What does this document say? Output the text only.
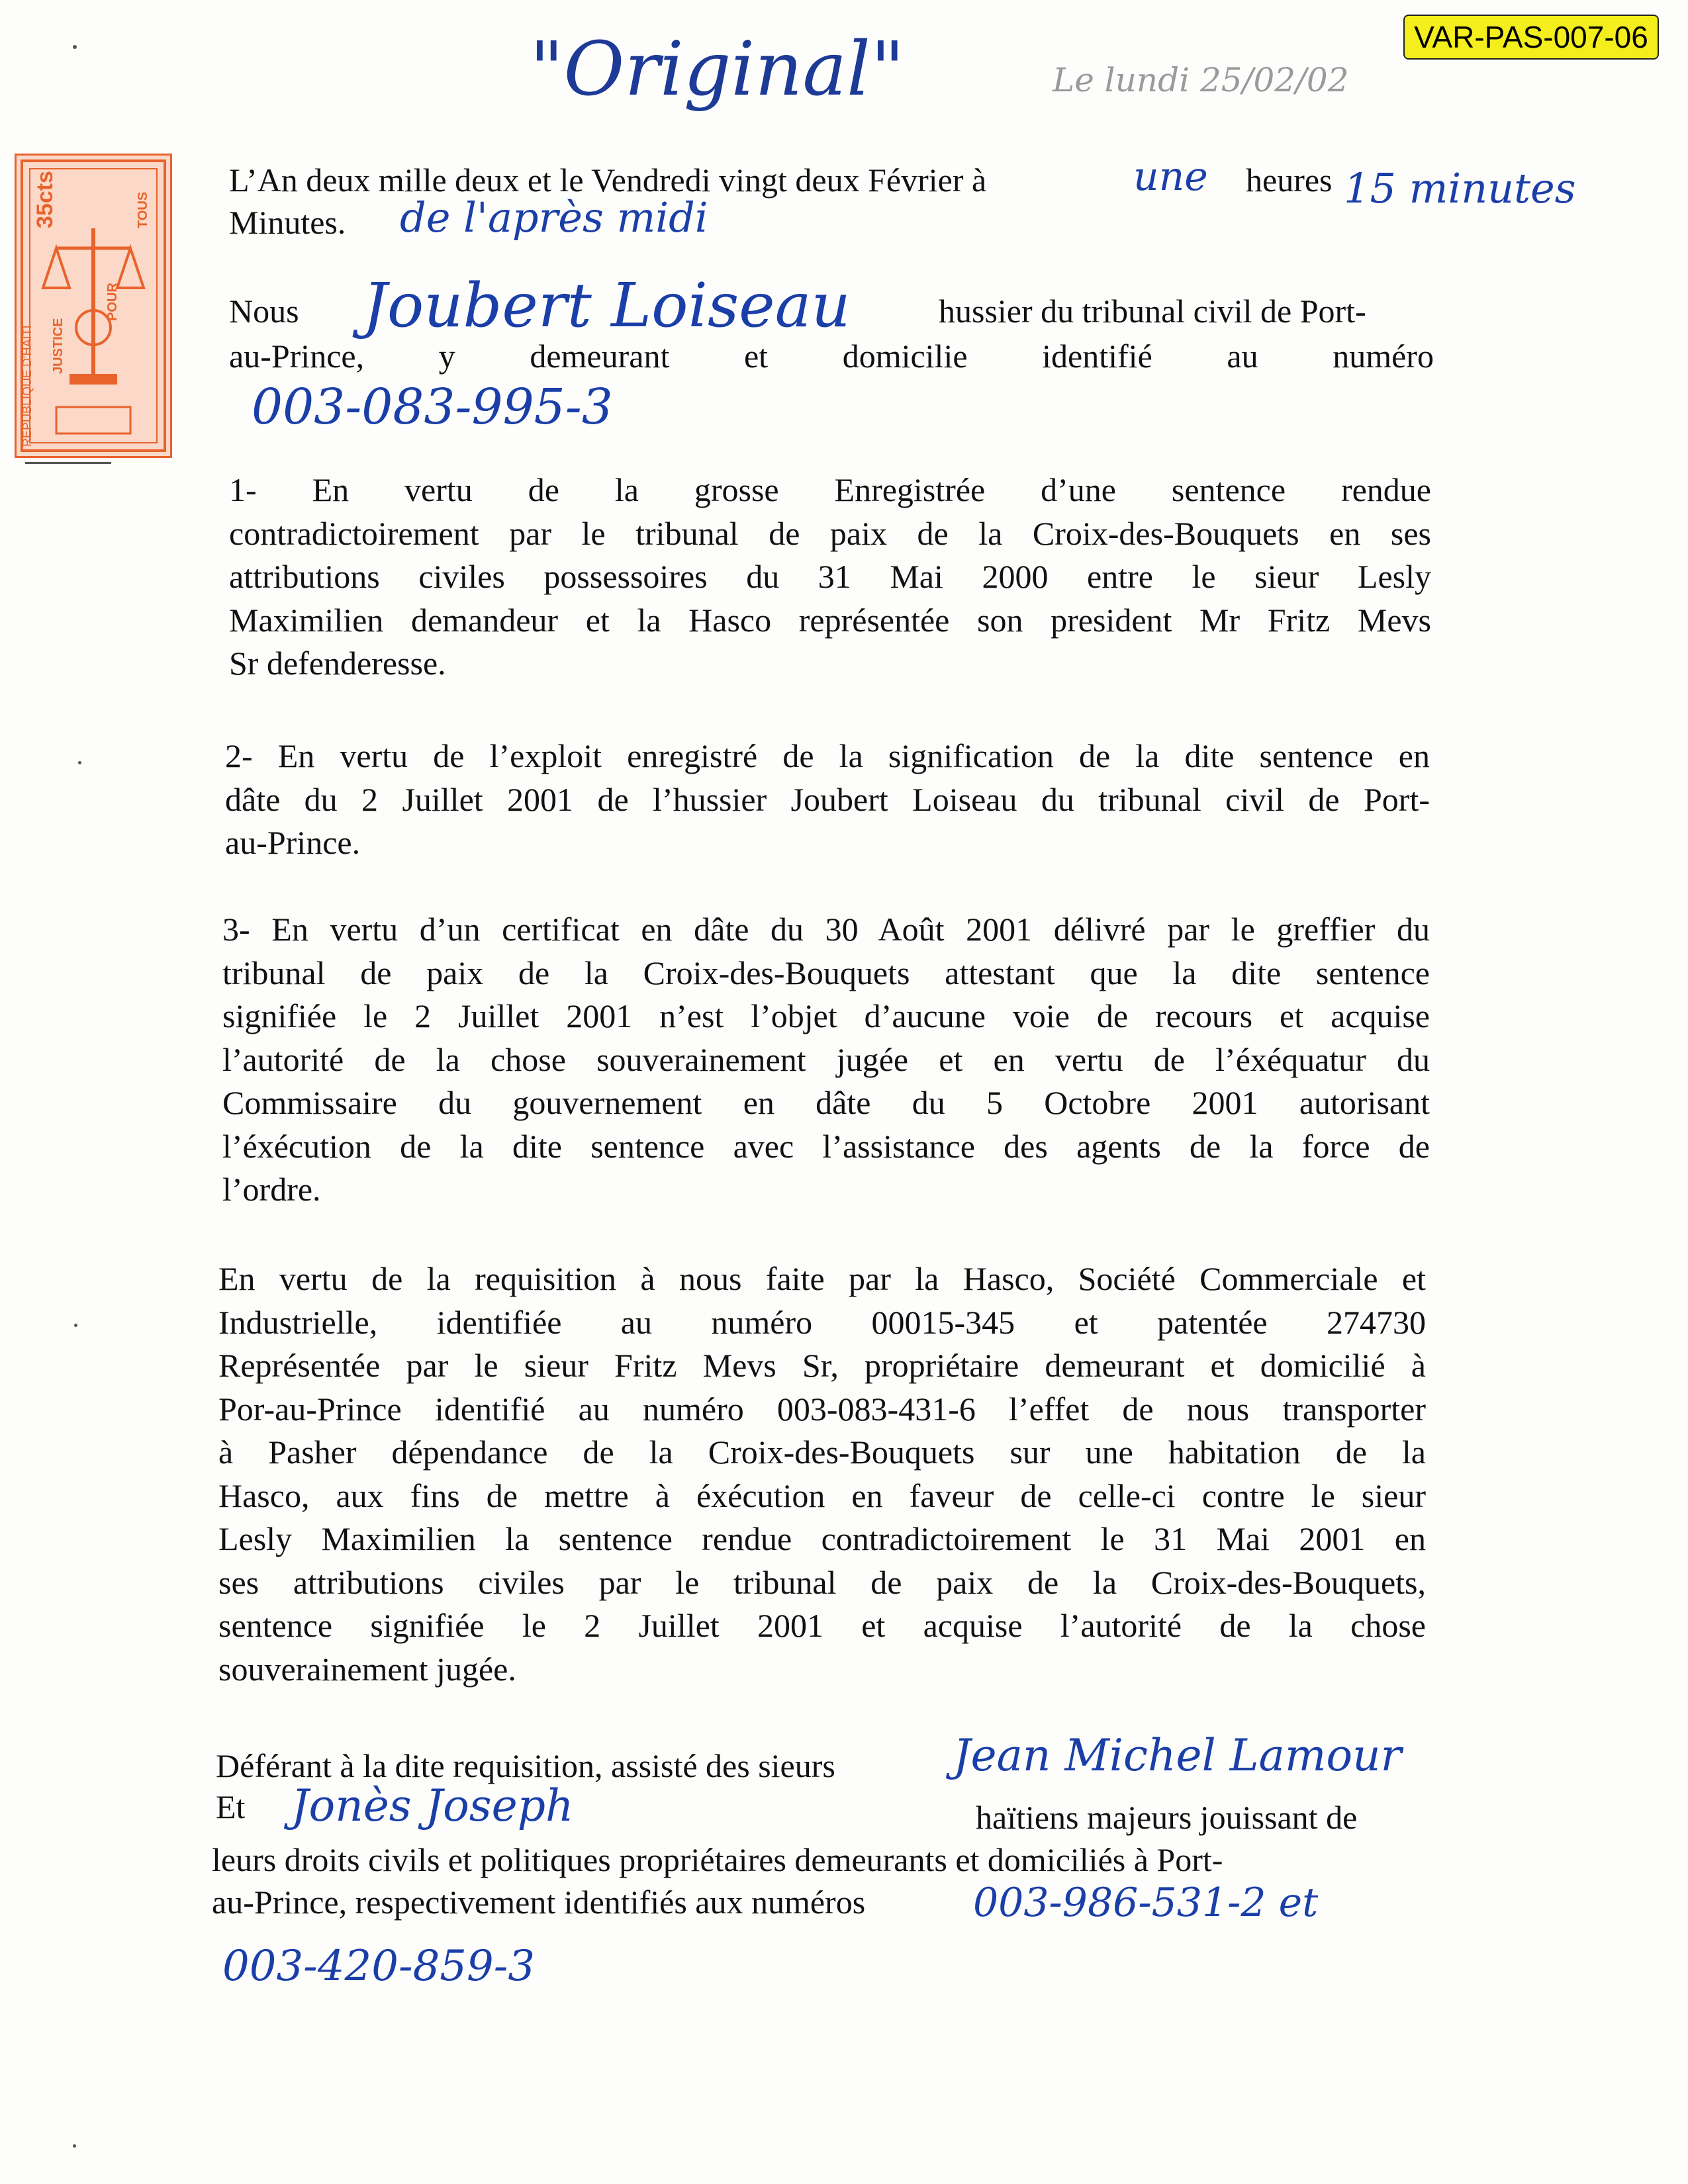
VAR-PAS-007-06
"Original"	Le lundi 25/02/02
35cts
RÉPUBLIQUE D'HAITI JUSTICE
POUR
TOUS
L’An deux mille deux et le Vendredi vingt deux Février à	une heures 15 minutes
Minutes. de l'après midi
Nous Joubert Loiseau	hussier du tribunal civil de Port-
au-Prince, y demeurant et domicilie identifié au numéro
003-083-995-3
1- En vertu de la grosse Enregistrée d’une sentence rendue
contradictoirement par le tribunal de paix de la Croix-des-Bouquets en ses
attributions civiles possessoires du 31 Mai 2000 entre le sieur Lesly
Maximilien demandeur et la Hasco représentée son president Mr Fritz Mevs
Sr defenderesse.
2- En vertu de l’exploit enregistré de la signification de la dite sentence en
dâte du 2 Juillet 2001 de l’hussier Joubert Loiseau du tribunal civil de Port-
au-Prince.
3- En vertu d’un certificat en dâte du 30 Août 2001 délivré par le greffier du
tribunal de paix de la Croix-des-Bouquets attestant que la dite sentence
signifiée le 2 Juillet 2001 n’est l’objet d’aucune voie de recours et acquise
l’autorité de la chose souverainement jugée et en vertu de l’éxéquatur du
Commissaire du gouvernement en dâte du 5 Octobre 2001 autorisant
l’éxécution de la dite sentence avec l’assistance des agents de la force de
l’ordre.
En vertu de la requisition à nous faite par la Hasco, Société Commerciale et
Industrielle, identifiée au numéro 00015-345 et patentée 274730
Représentée par le sieur Fritz Mevs Sr, propriétaire demeurant et domicilié à
Por-au-Prince identifié au numéro 003-083-431-6 l’effet de nous transporter
à Pasher dépendance de la Croix-des-Bouquets sur une habitation de la
Hasco, aux fins de mettre à éxécution en faveur de celle-ci contre le sieur
Lesly Maximilien la sentence rendue contradictoirement le 31 Mai 2001 en
ses attributions civiles par le tribunal de paix de la Croix-des-Bouquets,
sentence signifiée le 2 Juillet 2001 et acquise l’autorité de la chose
souverainement jugée.
Déférant à la dite requisition, assisté des sieurs	Jean Michel Lamour
Et Jonès Joseph	haïtiens majeurs jouissant de
leurs droits civils et politiques propriétaires demeurants et domiciliés à Port-
au-Prince, respectivement identifiés aux numéros	003-986-531-2 et
003-420-859-3
